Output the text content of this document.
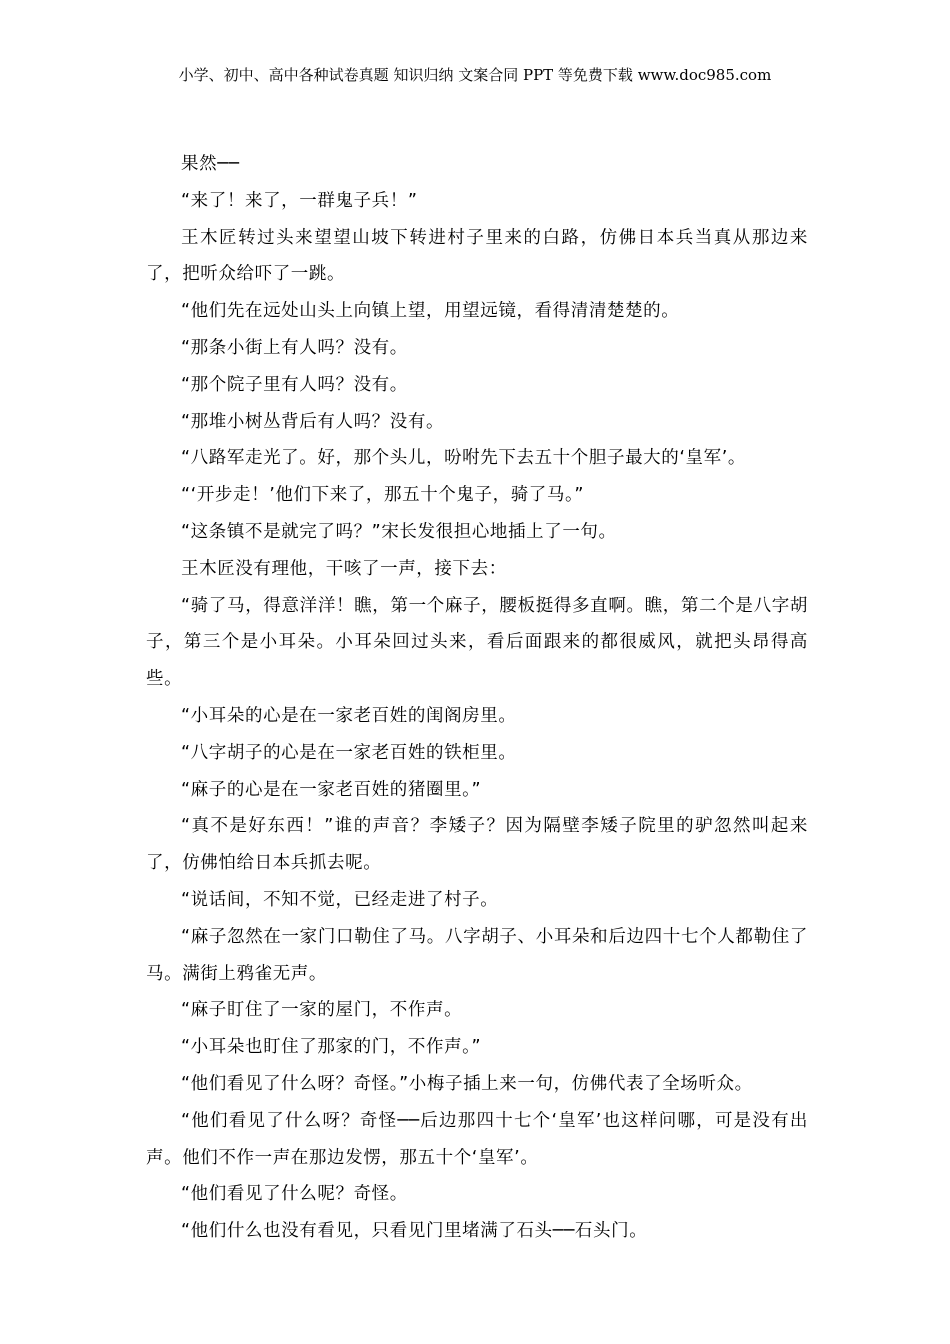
小学、初中、高中各种试卷真题 知识归纳 文案合同 PPT 等免费下载 www.doc985.com

果然──

“来了！来了，一群鬼子兵！”

王木匠转过头来望望山坡下转进村子里来的白路，仿佛日本兵当真从那边来了，把听众给吓了一跳。

“他们先在远处山头上向镇上望，用望远镜，看得清清楚楚的。

“那条小街上有人吗？没有。

“那个院子里有人吗？没有。

“那堆小树丛背后有人吗？没有。

“八路军走光了。好，那个头儿，吩咐先下去五十个胆子最大的‘皇军’。

“‘开步走！’他们下来了，那五十个鬼子，骑了马。”

“这条镇不是就完了吗？”宋长发很担心地插上了一句。

王木匠没有理他，干咳了一声，接下去：

“骑了马，得意洋洋！瞧，第一个麻子，腰板挺得多直啊。瞧，第二个是八字胡子，第三个是小耳朵。小耳朵回过头来，看后面跟来的都很威风，就把头昂得高些。

“小耳朵的心是在一家老百姓的闺阁房里。

“八字胡子的心是在一家老百姓的铁柜里。

“麻子的心是在一家老百姓的猪圈里。”

“真不是好东西！”谁的声音？李矮子？因为隔壁李矮子院里的驴忽然叫起来了，仿佛怕给日本兵抓去呢。

“说话间，不知不觉，已经走进了村子。

“麻子忽然在一家门口勒住了马。八字胡子、小耳朵和后边四十七个人都勒住了马。满街上鸦雀无声。

“麻子盯住了一家的屋门，不作声。

“小耳朵也盯住了那家的门，不作声。”

“他们看见了什么呀？奇怪。”小梅子插上来一句，仿佛代表了全场听众。

“他们看见了什么呀？奇怪──后边那四十七个‘皇军’也这样问哪，可是没有出声。他们不作一声在那边发愣，那五十个‘皇军’。

“他们看见了什么呢？奇怪。

“他们什么也没有看见，只看见门里堵满了石头──石头门。
